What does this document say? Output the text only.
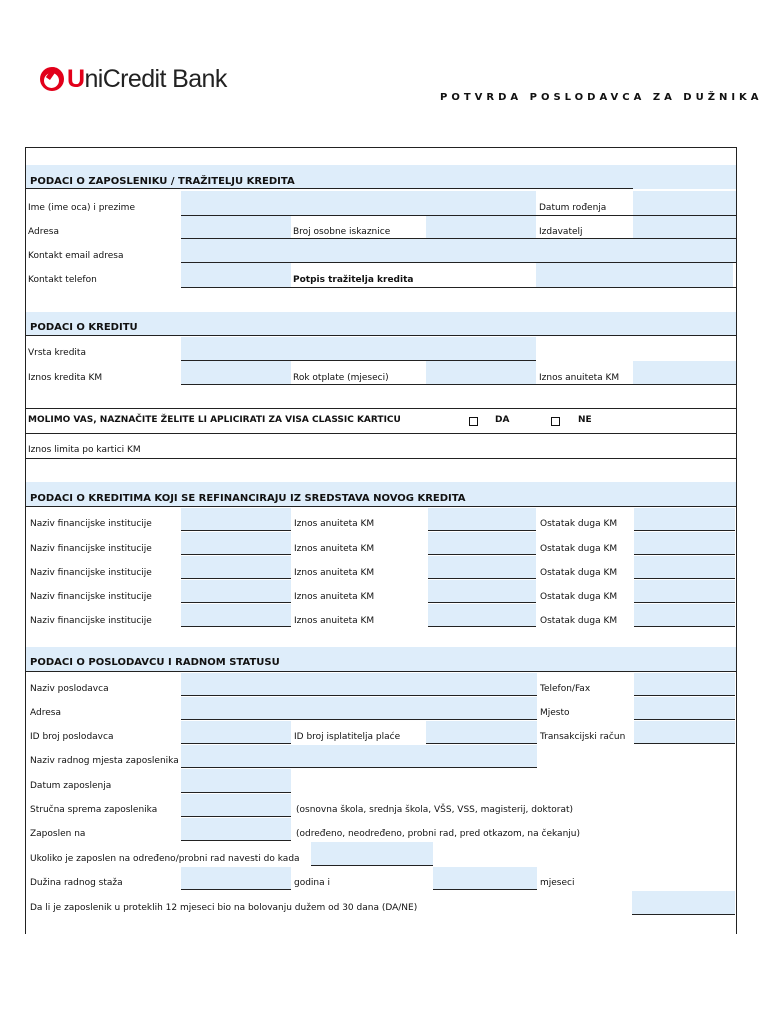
UniCredit Bank
POTVRDA POSLODAVCA ZA DUŽNIKA
PODACI O ZAPOSLENIKU / TRAŽITELJU KREDITA
Ime (ime oca) i prezime	Datum rođenja
Adresa	Broj osobne iskaznice	Izdavatelj
Kontakt email adresa
Kontakt telefon	Potpis tražitelja kredita
PODACI O KREDITU
Vrsta kredita
Iznos kredita KM	Rok otplate (mjeseci)	Iznos anuiteta KM
MOLIMO VAS, NAZNAČITE ŽELITE LI APLICIRATI ZA VISA CLASSIC KARTICU	DA	NE
Iznos limita po kartici KM
PODACI O KREDITIMA KOJI SE REFINANCIRAJU IZ SREDSTAVA NOVOG KREDITA
Naziv financijske institucije	Iznos anuiteta KM	Ostatak duga KM
Naziv financijske institucije	Iznos anuiteta KM	Ostatak duga KM
Naziv financijske institucije	Iznos anuiteta KM	Ostatak duga KM
Naziv financijske institucije	Iznos anuiteta KM	Ostatak duga KM
Naziv financijske institucije	Iznos anuiteta KM	Ostatak duga KM
PODACI O POSLODAVCU I RADNOM STATUSU
Naziv poslodavca	Telefon/Fax
Adresa	Mjesto
ID broj poslodavca	ID broj isplatitelja plaće	Transakcijski račun
Naziv radnog mjesta zaposlenika
Datum zaposlenja
Stručna sprema zaposlenika	(osnovna škola, srednja škola, VŠS, VSS, magisterij, doktorat)
Zaposlen na	(određeno, neodređeno, probni rad, pred otkazom, na čekanju)
Ukoliko je zaposlen na određeno/probni rad navesti do kada
Dužina radnog staža	godina i	mjeseci
Da li je zaposlenik u proteklih 12 mjeseci bio na bolovanju dužem od 30 dana (DA/NE)
